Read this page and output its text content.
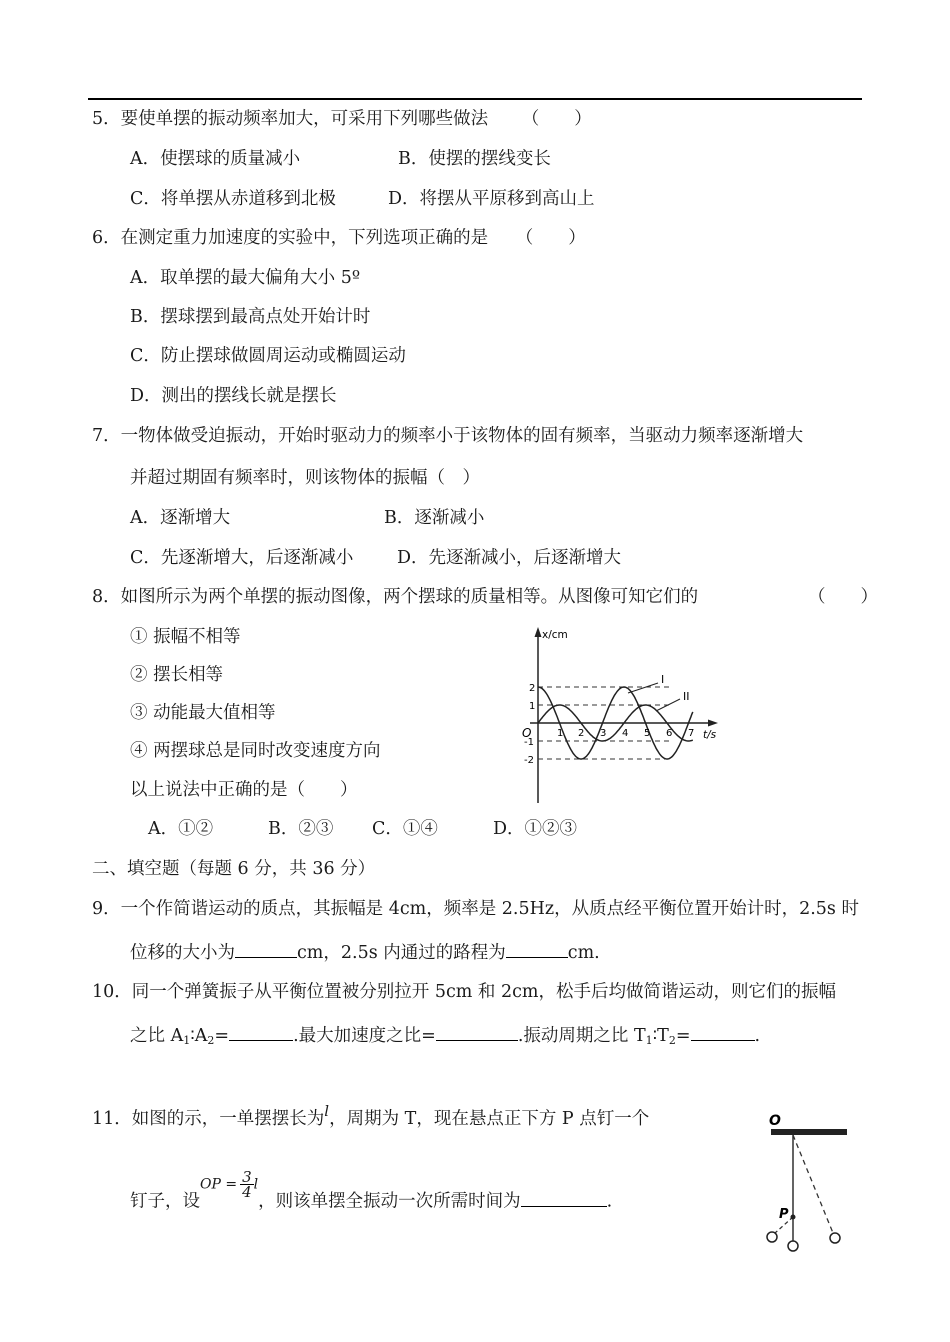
5．要使单摆的振动频率加大，可采用下列哪些做法 （　　）
A．使摆球的质量减小	B．使摆的摆线变长
C．将单摆从赤道移到北极	D．将摆从平原移到高山上
6．在测定重力加速度的实验中，下列选项正确的是 （　　）
A．取单摆的最大偏角大小 5º
B．摆球摆到最高点处开始计时
C．防止摆球做圆周运动或椭圆运动
D．测出的摆线长就是摆长
7．一物体做受迫振动，开始时驱动力的频率小于该物体的固有频率，当驱动力频率逐渐增大
并超过期固有频率时，则该物体的振幅（　）
A．逐渐增大	B．逐渐减小
C．先逐渐增大，后逐渐减小 D．先逐渐减小，后逐渐增大
8．如图所示为两个单摆的振动图像，两个摆球的质量相等。从图像可知它们的	（　　）
① 振幅不相等
② 摆长相等
③ 动能最大值相等
④ 两摆球总是同时改变速度方向
以上说法中正确的是（　　）
A．①②	B．②③ C．①④	D．①②③
x/cm
t/s
O
I
II
2
1
-1
-2
1 2 3 4 5 6 7
二、填空题（每题 6 分，共 36 分）
9．一个作简谐运动的质点，其振幅是 4cm，频率是 2.5Hz，从质点经平衡位置开始计时，2.5s 时
位移的大小为	cm，2.5s 内通过的路程为	cm.
10．同一个弹簧振子从平衡位置被分别拉开 5cm 和 2cm，松手后均做简谐运动，则它们的振幅
之比 $A_1∶A_2=$	.最大加速度之比=	.振动周期之比 $T_1∶T_2=$	.
11．如图的示，一单摆摆长为l，周期为 T，现在悬点正下方 P 点钉一个
钉子，设OP = $\frac{3}{4}$ l，则该单摆全振动一次所需时间为	.
O
P
